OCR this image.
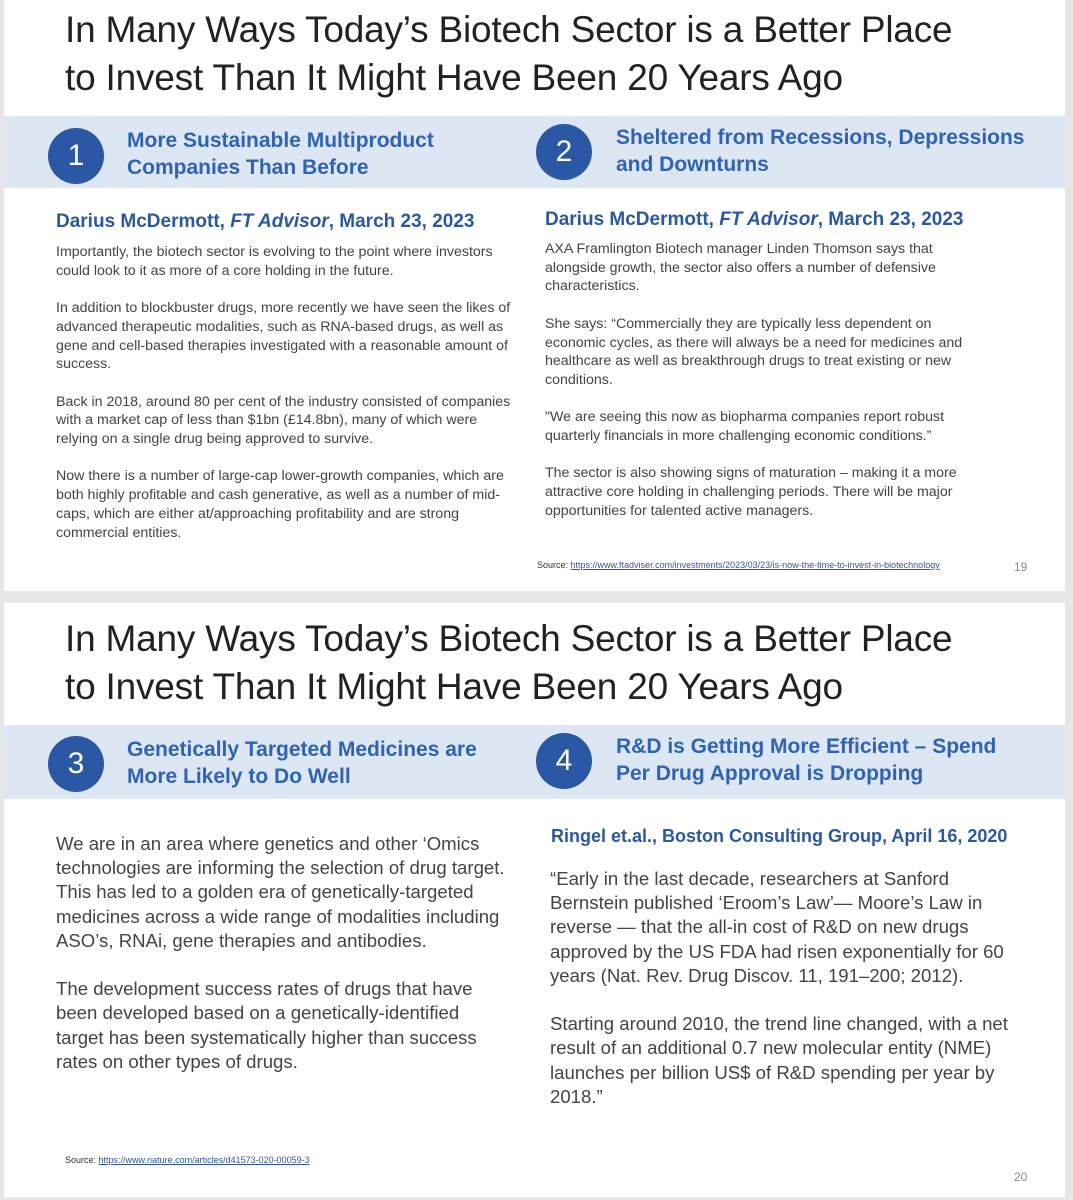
In Many Ways Today’s Biotech Sector is a Better Place
to Invest Than It Might Have Been 20 Years Ago
1	More Sustainable Multiproduct
Companies Than Before	2	Sheltered from Recessions, Depressions
and Downturns
Darius McDermott, FT Advisor, March 23, 2023

Importantly, the biotech sector is evolving to the point where investors could look to it as more of a core holding in the future.

In addition to blockbuster drugs, more recently we have seen the likes of advanced therapeutic modalities, such as RNA-based drugs, as well as gene and cell-based therapies investigated with a reasonable amount of success.

Back in 2018, around 80 per cent of the industry consisted of companies with a market cap of less than $1bn (£14.8bn), many of which were relying on a single drug being approved to survive.

Now there is a number of large-cap lower-growth companies, which are both highly profitable and cash generative, as well as a number of mid-caps, which are either at/approaching profitability and are strong commercial entities.

Darius McDermott, FT Advisor, March 23, 2023

AXA Framlington Biotech manager Linden Thomson says that alongside growth, the sector also offers a number of defensive characteristics.

She says: “Commercially they are typically less dependent on economic cycles, as there will always be a need for medicines and healthcare as well as breakthrough drugs to treat existing or new conditions.

"We are seeing this now as biopharma companies report robust quarterly financials in more challenging economic conditions.”

The sector is also showing signs of maturation – making it a more attractive core holding in challenging periods. There will be major opportunities for talented active managers.

Source: https://www.ftadviser.com/investments/2023/03/23/is-now-the-time-to-invest-in-biotechnology	19
In Many Ways Today’s Biotech Sector is a Better Place
to Invest Than It Might Have Been 20 Years Ago
3	Genetically Targeted Medicines are
More Likely to Do Well	4	R&D is Getting More Efficient – Spend
Per Drug Approval is Dropping

We are in an area where genetics and other ‘Omics technologies are informing the selection of drug target. This has led to a golden era of genetically-targeted medicines across a wide range of modalities including ASO’s, RNAi, gene therapies and antibodies.

The development success rates of drugs that have been developed based on a genetically-identified target has been systematically higher than success rates on other types of drugs.

Ringel et.al., Boston Consulting Group, April 16, 2020

“Early in the last decade, researchers at Sanford Bernstein published ‘Eroom’s Law’— Moore’s Law in reverse — that the all-in cost of R&D on new drugs approved by the US FDA had risen exponentially for 60 years (Nat. Rev. Drug Discov. 11, 191–200; 2012).

Starting around 2010, the trend line changed, with a net result of an additional 0.7 new molecular entity (NME) launches per billion US$ of R&D spending per year by 2018.”

Source: https://www.nature.com/articles/d41573-020-00059-3
20
